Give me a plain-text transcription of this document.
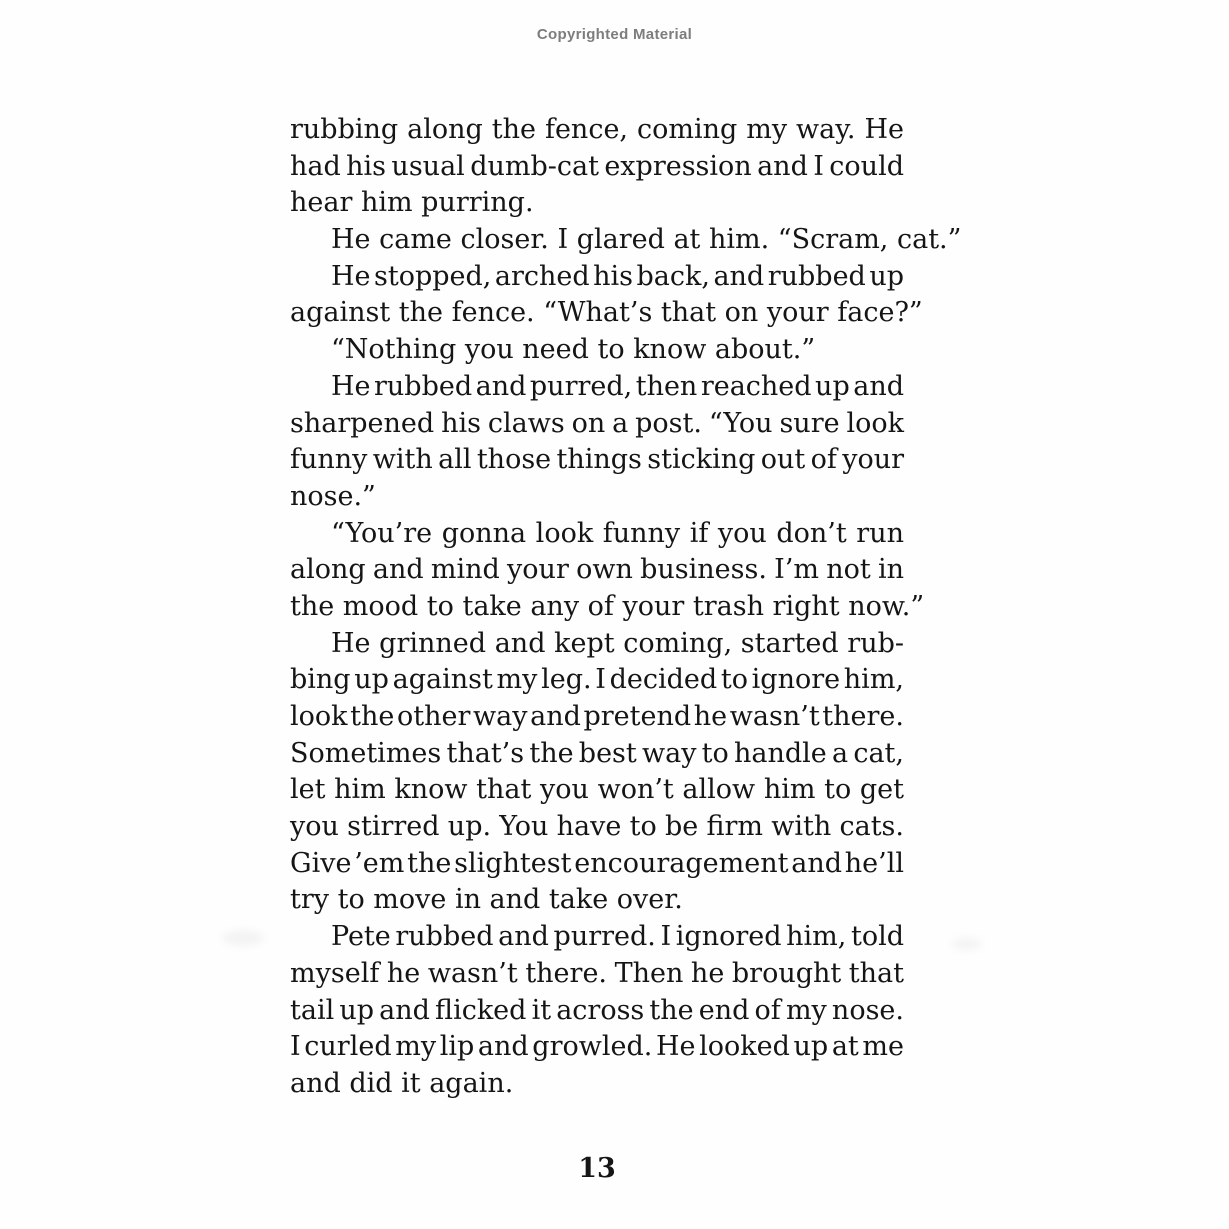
Copyrighted Material
rubbing along the fence, coming my way. He
had his usual dumb-cat expression and I could
hear him purring.
He came closer. I glared at him. “Scram, cat.”
He stopped, arched his back, and rubbed up
against the fence. “What’s that on your face?”
“Nothing you need to know about.”
He rubbed and purred, then reached up and
sharpened his claws on a post. “You sure look
funny with all those things sticking out of your
nose.”
“You’re gonna look funny if you don’t run
along and mind your own business. I’m not in
the mood to take any of your trash right now.”
He grinned and kept coming, started rub-
bing up against my leg. I decided to ignore him,
look the other way and pretend he wasn’t there.
Sometimes that’s the best way to handle a cat,
let him know that you won’t allow him to get
you stirred up. You have to be firm with cats.
Give ’em the slightest encouragement and he’ll
try to move in and take over.
Pete rubbed and purred. I ignored him, told
myself he wasn’t there. Then he brought that
tail up and flicked it across the end of my nose.
I curled my lip and growled. He looked up at me
and did it again.
13
